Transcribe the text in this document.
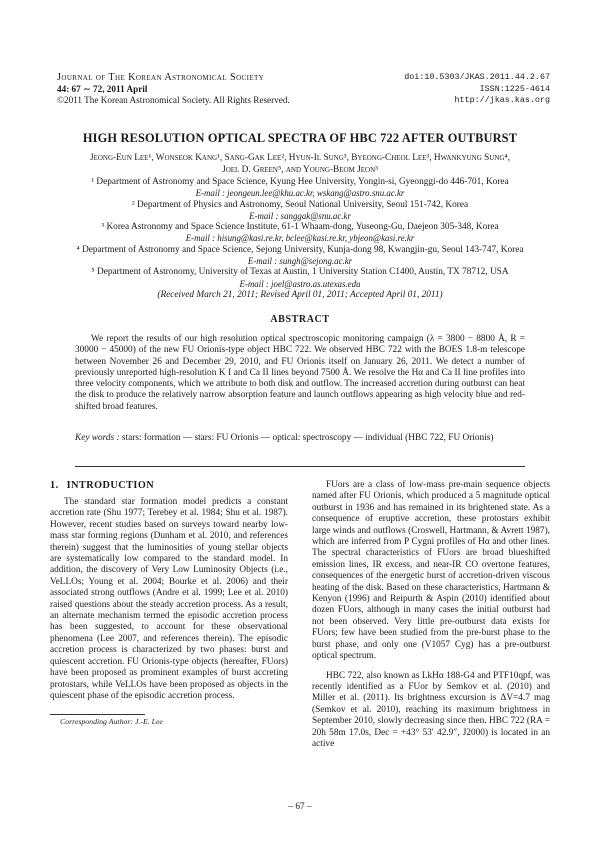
Journal of The Korean Astronomical Society
44: 67 ∼ 72, 2011 April
©2011 The Korean Astronomical Society. All Rights Reserved.
doi:10.5303/JKAS.2011.44.2.67
ISSN:1225-4614
http://jkas.kas.org
HIGH RESOLUTION OPTICAL SPECTRA OF HBC 722 AFTER OUTBURST
Jeong-Eun Lee¹, Wonseok Kang¹, Sang-Gak Lee², Hyun-Il Sung³, Byeong-Cheol Lee³, Hwankyung Sung⁴,
Joel D. Green⁵, and Young-Beom Jeon³
¹ Department of Astronomy and Space Science, Kyung Hee University, Yongin-si, Gyeonggi-do 446-701, Korea
E-mail : jeongeun.lee@khu.ac.kr, wskang@astro.snu.ac.kr
² Department of Physics and Astronomy, Seoul National University, Seoul 151-742, Korea
E-mail : sanggak@snu.ac.kr
³ Korea Astronomy and Space Science Institute, 61-1 Whaam-dong, Yuseong-Gu, Daejeon 305-348, Korea
E-mail : hisung@kasi.re.kr, bclee@kasi.re.kr, ybjeon@kasi.re.kr
⁴ Department of Astronomy and Space Science, Sejong University, Kunja-dong 98, Kwangjin-gu, Seoul 143-747, Korea
E-mail : sungh@sejong.ac.kr
⁵ Department of Astronomy, University of Texas at Austin, 1 University Station C1400, Austin, TX 78712, USA
E-mail : joel@astro.as.utexas.edu
(Received March 21, 2011; Revised April 01, 2011; Accepted April 01, 2011)
ABSTRACT

We report the results of our high resolution optical spectroscopic monitoring campaign (λ = 3800 − 8800 Å, R = 30000 − 45000) of the new FU Orionis-type object HBC 722. We observed HBC 722 with the BOES 1.8-m telescope between November 26 and December 29, 2010, and FU Orionis itself on January 26, 2011. We detect a number of previously unreported high-resolution K I and Ca II lines beyond 7500 Å. We resolve the Hα and Ca II line profiles into three velocity components, which we attribute to both disk and outflow. The increased accretion during outburst can heat the disk to produce the relatively narrow absorption feature and launch outflows appearing as high velocity blue and red-shifted broad features.

Key words : stars: formation — stars: FU Orionis — optical: spectroscopy — individual (HBC 722, FU Orionis)

1. INTRODUCTION

The standard star formation model predicts a constant accretion rate (Shu 1977; Terebey et al. 1984; Shu et al. 1987). However, recent studies based on surveys toward nearby low-mass star forming regions (Dunham et al. 2010, and references therein) suggest that the luminosities of young stellar objects are systematically low compared to the standard model. In addition, the discovery of Very Low Luminosity Objects (i.e., VeLLOs; Young et al. 2004; Bourke et al. 2006) and their associated strong outflows (Andre et al. 1999; Lee et al. 2010) raised questions about the steady accretion process. As a result, an alternate mechanism termed the episodic accretion process has been suggested, to account for these observational phenomena (Lee 2007, and references therein). The episodic accretion process is characterized by two phases: burst and quiescent accretion. FU Orionis-type objects (hereafter, FUors) have been proposed as prominent examples of burst accreting protostars, while VeLLOs have been proposed as objects in the quiescent phase of the episodic accretion process.

FUors are a class of low-mass pre-main sequence objects named after FU Orionis, which produced a 5 magnitude optical outburst in 1936 and has remained in its brightened state. As a consequence of eruptive accretion, these protostars exhibit large winds and outflows (Croswell, Hartmann, & Avrett 1987), which are inferred from P Cygni profiles of Hα and other lines. The spectral characteristics of FUors are broad blueshifted emission lines, IR excess, and near-IR CO overtone features, consequences of the energetic burst of accretion-driven viscous heating of the disk. Based on these characteristics, Hartmann & Kenyon (1996) and Reipurth & Aspin (2010) identified about dozen FUors, although in many cases the initial outburst had not been observed. Very little pre-outburst data exists for FUors; few have been studied from the pre-burst phase to the burst phase, and only one (V1057 Cyg) has a pre-outburst optical spectrum.

HBC 722, also known as LkHα 188-G4 and PTF10qpf, was recently identified as a FUor by Semkov et al. (2010) and Miller et al. (2011). Its brightness excursion is ΔV=4.7 mag (Semkov et al. 2010), reaching its maximum brightness in September 2010, slowly decreasing since then. HBC 722 (RA = 20h 58m 17.0s, Dec = +43° 53′ 42.9″, J2000) is located in an active

Corresponding Author: J.-E. Lee
– 67 –
